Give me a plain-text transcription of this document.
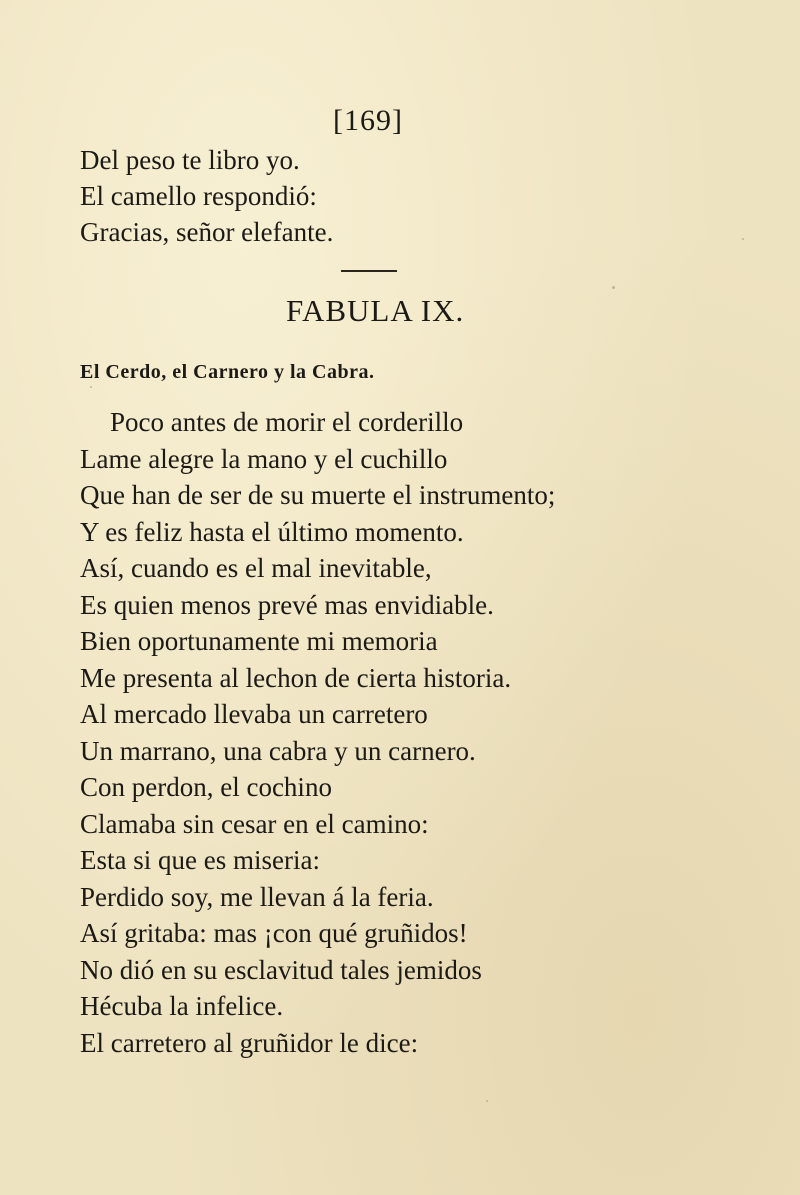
[169]
Del peso te libro yo.
El camello respondió:
Gracias, señor elefante.
FABULA IX.
El Cerdo, el Carnero y la Cabra.
Poco antes de morir el corderillo
Lame alegre la mano y el cuchillo
Que han de ser de su muerte el instrumento;
Y es feliz hasta el último momento.
Así, cuando es el mal inevitable,
Es quien menos prevé mas envidiable.
Bien oportunamente mi memoria
Me presenta al lechon de cierta historia.
Al mercado llevaba un carretero
Un marrano, una cabra y un carnero.
Con perdon, el cochino
Clamaba sin cesar en el camino:
Esta si que es miseria:
Perdido soy, me llevan á la feria.
Así gritaba: mas ¡con qué gruñidos!
No dió en su esclavitud tales jemidos
Hécuba la infelice.
El carretero al gruñidor le dice:
